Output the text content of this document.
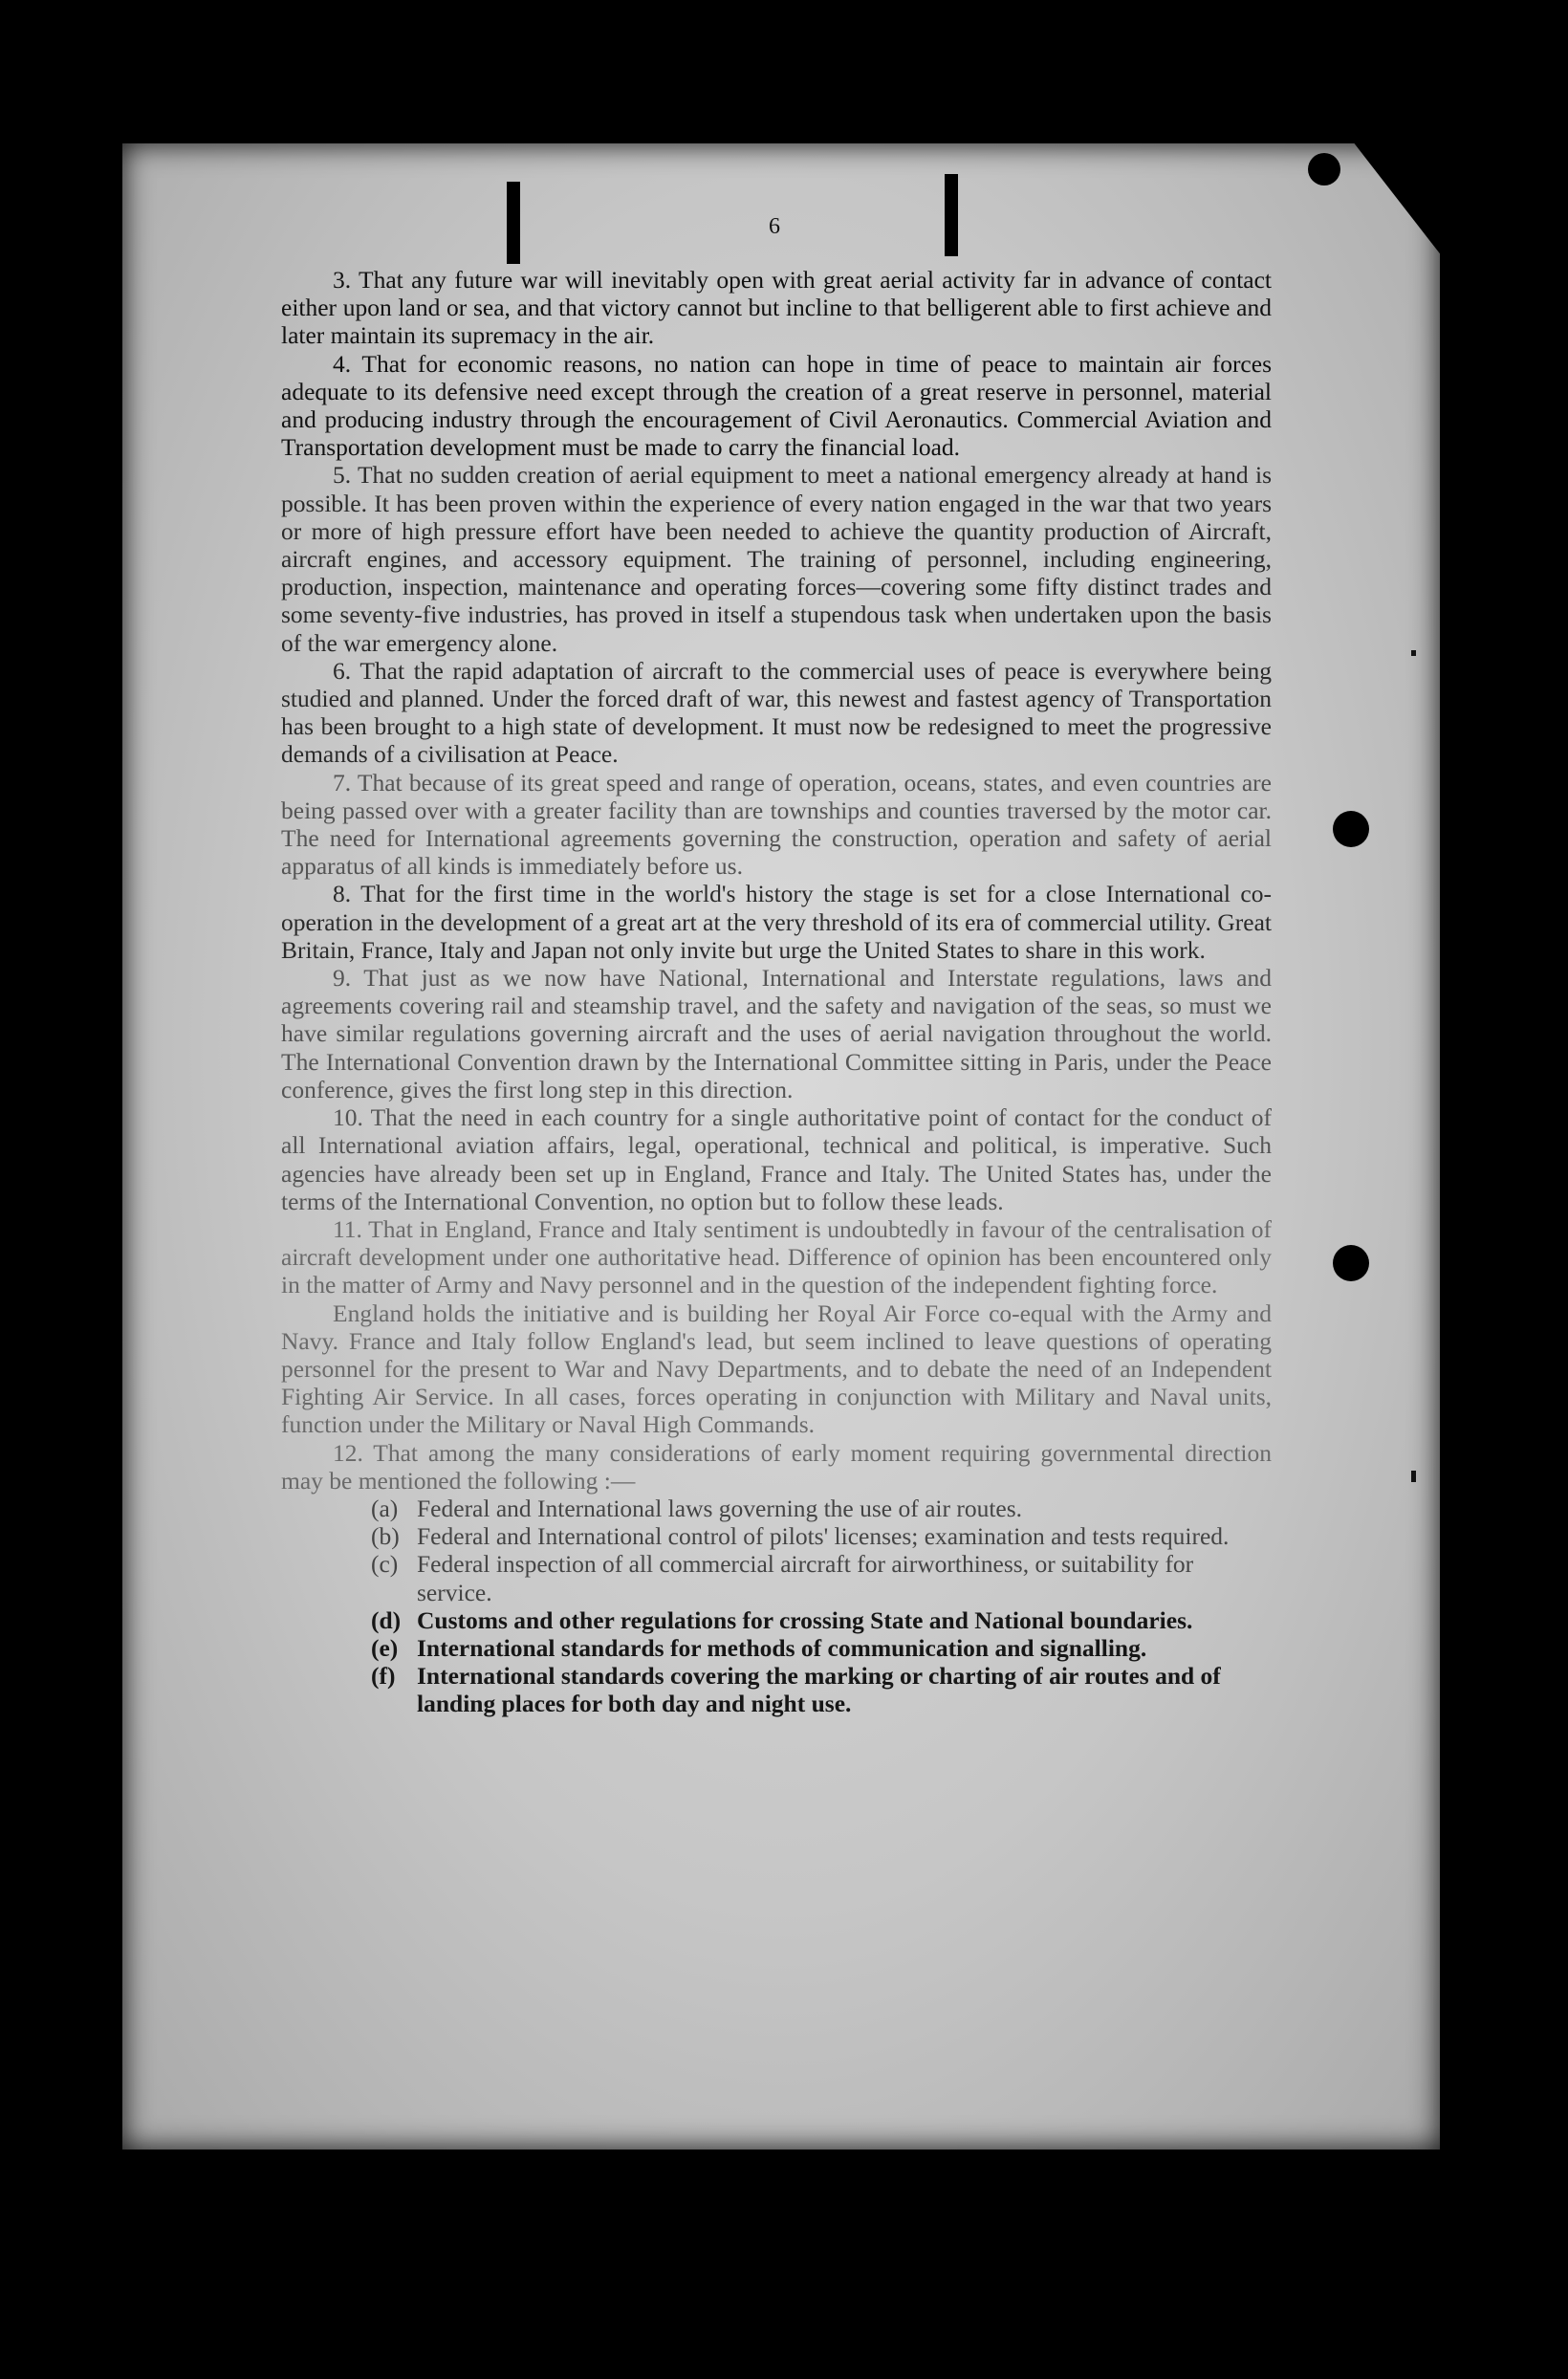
6

3. That any future war will inevitably open with great aerial activity far in advance of contact either upon land or sea, and that victory cannot but incline to that belligerent able to first achieve and later maintain its supremacy in the air.

4. That for economic reasons, no nation can hope in time of peace to maintain air forces adequate to its defensive need except through the creation of a great reserve in personnel, material and producing industry through the encouragement of Civil Aeronautics. Commercial Aviation and Transportation development must be made to carry the financial load.

5. That no sudden creation of aerial equipment to meet a national emergency already at hand is possible. It has been proven within the experience of every nation engaged in the war that two years or more of high pressure effort have been needed to achieve the quantity production of Aircraft, aircraft engines, and accessory equipment. The training of personnel, including engineering, production, inspection, maintenance and operating forces—covering some fifty distinct trades and some seventy-five industries, has proved in itself a stupendous task when undertaken upon the basis of the war emergency alone.

6. That the rapid adaptation of aircraft to the commercial uses of peace is everywhere being studied and planned. Under the forced draft of war, this newest and fastest agency of Transportation has been brought to a high state of development. It must now be redesigned to meet the progressive demands of a civilisation at Peace.

7. That because of its great speed and range of operation, oceans, states, and even countries are being passed over with a greater facility than are townships and counties traversed by the motor car. The need for International agreements governing the construction, operation and safety of aerial apparatus of all kinds is immediately before us.

8. That for the first time in the world's history the stage is set for a close International co-operation in the development of a great art at the very threshold of its era of commercial utility. Great Britain, France, Italy and Japan not only invite but urge the United States to share in this work.

9. That just as we now have National, International and Interstate regulations, laws and agreements covering rail and steamship travel, and the safety and navigation of the seas, so must we have similar regulations governing aircraft and the uses of aerial navigation throughout the world. The International Convention drawn by the International Committee sitting in Paris, under the Peace conference, gives the first long step in this direction.

10. That the need in each country for a single authoritative point of contact for the conduct of all International aviation affairs, legal, operational, technical and political, is imperative. Such agencies have already been set up in England, France and Italy. The United States has, under the terms of the International Convention, no option but to follow these leads.

11. That in England, France and Italy sentiment is undoubtedly in favour of the centralisation of aircraft development under one authoritative head. Difference of opinion has been encountered only in the matter of Army and Navy personnel and in the question of the independent fighting force.

England holds the initiative and is building her Royal Air Force co-equal with the Army and Navy. France and Italy follow England's lead, but seem inclined to leave questions of operating personnel for the present to War and Navy Departments, and to debate the need of an Independent Fighting Air Service. In all cases, forces operating in conjunction with Military and Naval units, function under the Military or Naval High Commands.

12. That among the many considerations of early moment requiring governmental direction may be mentioned the following :—

(a) Federal and International laws governing the use of air routes.
(b) Federal and International control of pilots' licenses; examination and tests required.
(c) Federal inspection of all commercial aircraft for airworthiness, or suitability for service.
(d) Customs and other regulations for crossing State and National boundaries.
(e) International standards for methods of communication and signalling.
(f) International standards covering the marking or charting of air routes and of landing places for both day and night use.
